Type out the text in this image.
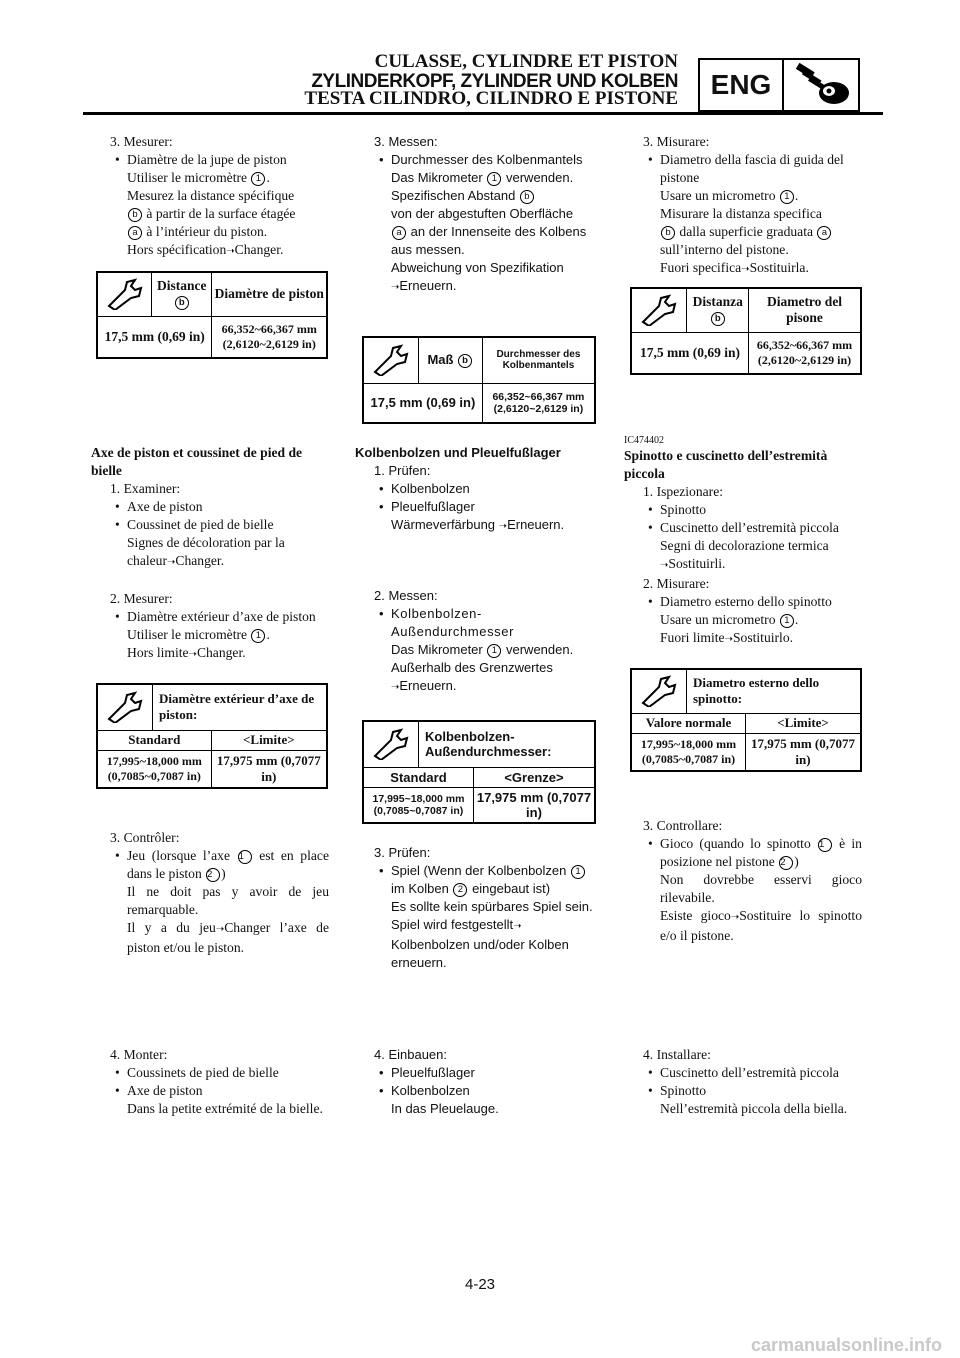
CULASSE, CYLINDRE ET PISTON
ZYLINDERKOPF, ZYLINDER UND KOLBEN
TESTA CILINDRO, CILINDRO E PISTONE	ENG

3. Mesurer:

• Diamètre de la jupe de piston
Utiliser le micromètre 1 .
Mesurez la distance spécifique
b à partir de la surface étagée
a à l’intérieur du piston.
Hors spécification➝Changer.
	Distance b	Diamètre de piston
17,5 mm (0,69 in)		66,352~66,367 mm (2,6120~2,6129 in)

Axe de piston et coussinet de pied de bielle

1. Examiner:

• Axe de piston
• Coussinet de pied de bielle
Signes de décoloration par la chaleur➝Changer.

2. Mesurer:

• Diamètre extérieur d’axe de piston
Utiliser le micromètre 1 .
Hors limite➝Changer.
	Diamètre extérieur d’axe de piston:	
Standard		<Limite>
17,995~18,000 mm (0,7085~0,7087 in)		17,975 mm (0,7077 in)

3. Contrôler:

• Jeu (lorsque l’axe 1 est en place dans le piston 2 )
Il ne doit pas y avoir de jeu remarquable.
Il y a du jeu➝Changer l’axe de piston et/ou le piston.

4. Monter:

• Coussinets de pied de bielle
• Axe de piston
Dans la petite extrémité de la bielle.

3. Messen:

• Durchmesser des Kolbenmantels
Das Mikrometer 1 verwenden.
Spezifischen Abstand b
von der abgestuften Oberfläche
a an der Innenseite des Kolbens aus messen.
Abweichung von Spezifikation ➝Erneuern.
	Maß b	Durchmesser des Kolbenmantels
17,5 mm (0,69 in)		66,352~66,367 mm (2,6120~2,6129 in)

Kolbenbolzen und Pleuelfußlager

1. Prüfen:

• Kolbenbolzen
• Pleuelfußlager
Wärmeverfärbung ➝Erneuern.

2. Messen:

• Kolbenbolzen-Außendurchmesser
Das Mikrometer 1 verwenden.
Außerhalb des Grenzwertes
➝Erneuern.
	Kolbenbolzen-Außendurchmesser:	
Standard		<Grenze>
17,995~18,000 mm (0,7085~0,7087 in)		17,975 mm (0,7077 in)

3. Prüfen:

• Spiel (Wenn der Kolbenbolzen 1 im Kolben 2 eingebaut ist)
Es sollte kein spürbares Spiel sein.
Spiel wird festgestellt➝
Kolbenbolzen und/oder Kolben erneuern.

4. Einbauen:

• Pleuelfußlager
• Kolbenbolzen
In das Pleuelauge.

3. Misurare:

• Diametro della fascia di guida del pistone
Usare un micrometro 1 .
Misurare la distanza specifica
b dalla superficie graduata a
sull’interno del pistone.
Fuori specifica➝Sostituirla.
	Distanza b	Diametro del pisone
17,5 mm (0,69 in)		66,352~66,367 mm (2,6120~2,6129 in)

IC474402

Spinotto e cuscinetto dell’estremità piccola

1. Ispezionare:

• Spinotto
• Cuscinetto dell’estremità piccola
Segni di decolorazione termica
➝Sostituirli.

2. Misurare:

• Diametro esterno dello spinotto
Usare un micrometro 1 .
Fuori limite➝Sostituirlo.
	Diametro esterno dello spinotto:	
Valore normale		<Limite>
17,995~18,000 mm (0,7085~0,7087 in)		17,975 mm (0,7077 in)

3. Controllare:

• Gioco (quando lo spinotto 1 è in posizione nel pistone 2 )
Non dovrebbe esservi gioco rilevabile.
Esiste gioco➝Sostituire lo spinotto e/o il pistone.

4. Installare:

• Cuscinetto dell’estremità piccola
• Spinotto
Nell’estremità piccola della biella.
4-23
carmanualsonline.info
